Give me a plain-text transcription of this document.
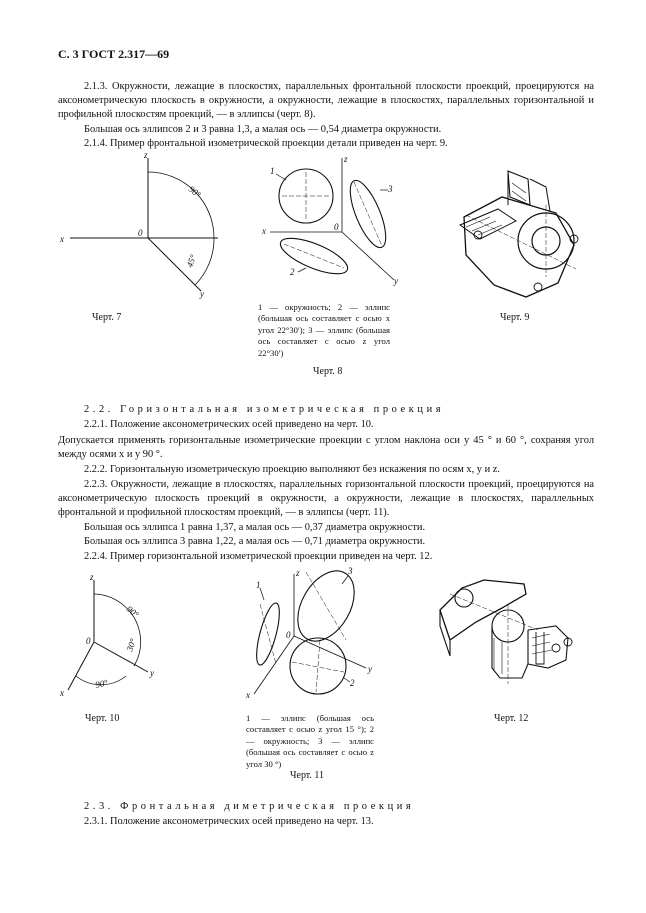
С. 3 ГОСТ 2.317—69
2.1.3. Окружности, лежащие в плоскостях, параллельных фронтальной плоскости проекций, проецируются на аксонометрическую плоскость в окружности, а окружности, лежащие в плоскостях, параллельных горизонтальной и профильной плоскостям проекций, — в эллипсы (черт. 8).
Большая ось эллипсов 2 и 3 равна 1,3, а малая ось — 0,54 диаметра окружности.
2.1.4. Пример фронтальной изометрической проекции детали приведен на черт. 9.
z
x
y
0
90°
45°
Черт. 7
z
x
y
0
1
3
2
1 — окружность; 2 — эллипс (большая ось составляет с осью x угол 22°30′); 3 — эллипс (большая ось составляет с осью z угол 22°30′)
Черт. 8
Черт. 9
2.2. Горизонтальная изометрическая проекция
2.2.1. Положение аксонометрических осей приведено на черт. 10.
Допускается применять горизонтальные изометрические проекции с углом наклона оси y 45 ° и 60 °, сохраняя угол между осями x и y 90 °.
2.2.2. Горизонтальную изометрическую проекцию выполняют без искажения по осям x, y и z.
2.2.3. Окружности, лежащие в плоскостях, параллельных горизонтальной плоскости проекций, проецируются на аксонометрическую плоскость проекций в окружности, а окружности, лежащие в плоскостях, параллельных фронтальной и профильной плоскостям проекций, — в эллипсы (черт. 11).
Большая ось эллипса 1 равна 1,37, а малая ось — 0,37 диаметра окружности.
Большая ось эллипса 3 равна 1,22, а малая ось — 0,71 диаметра окружности.
2.2.4. Пример горизонтальной изометрической проекции приведен на черт. 12.
z
x
y
0
90°
30°
90°
Черт. 10
z
x
y
0
1
3
2
1 — эллипс (большая ось составляет с осью z угол 15 °); 2 — окружность; 3 — эллипс (большая ось составляет с осью z угол 30 °)
Черт. 11
Черт. 12
2.3. Фронтальная диметрическая проекция
2.3.1. Положение аксонометрических осей приведено на черт. 13.
